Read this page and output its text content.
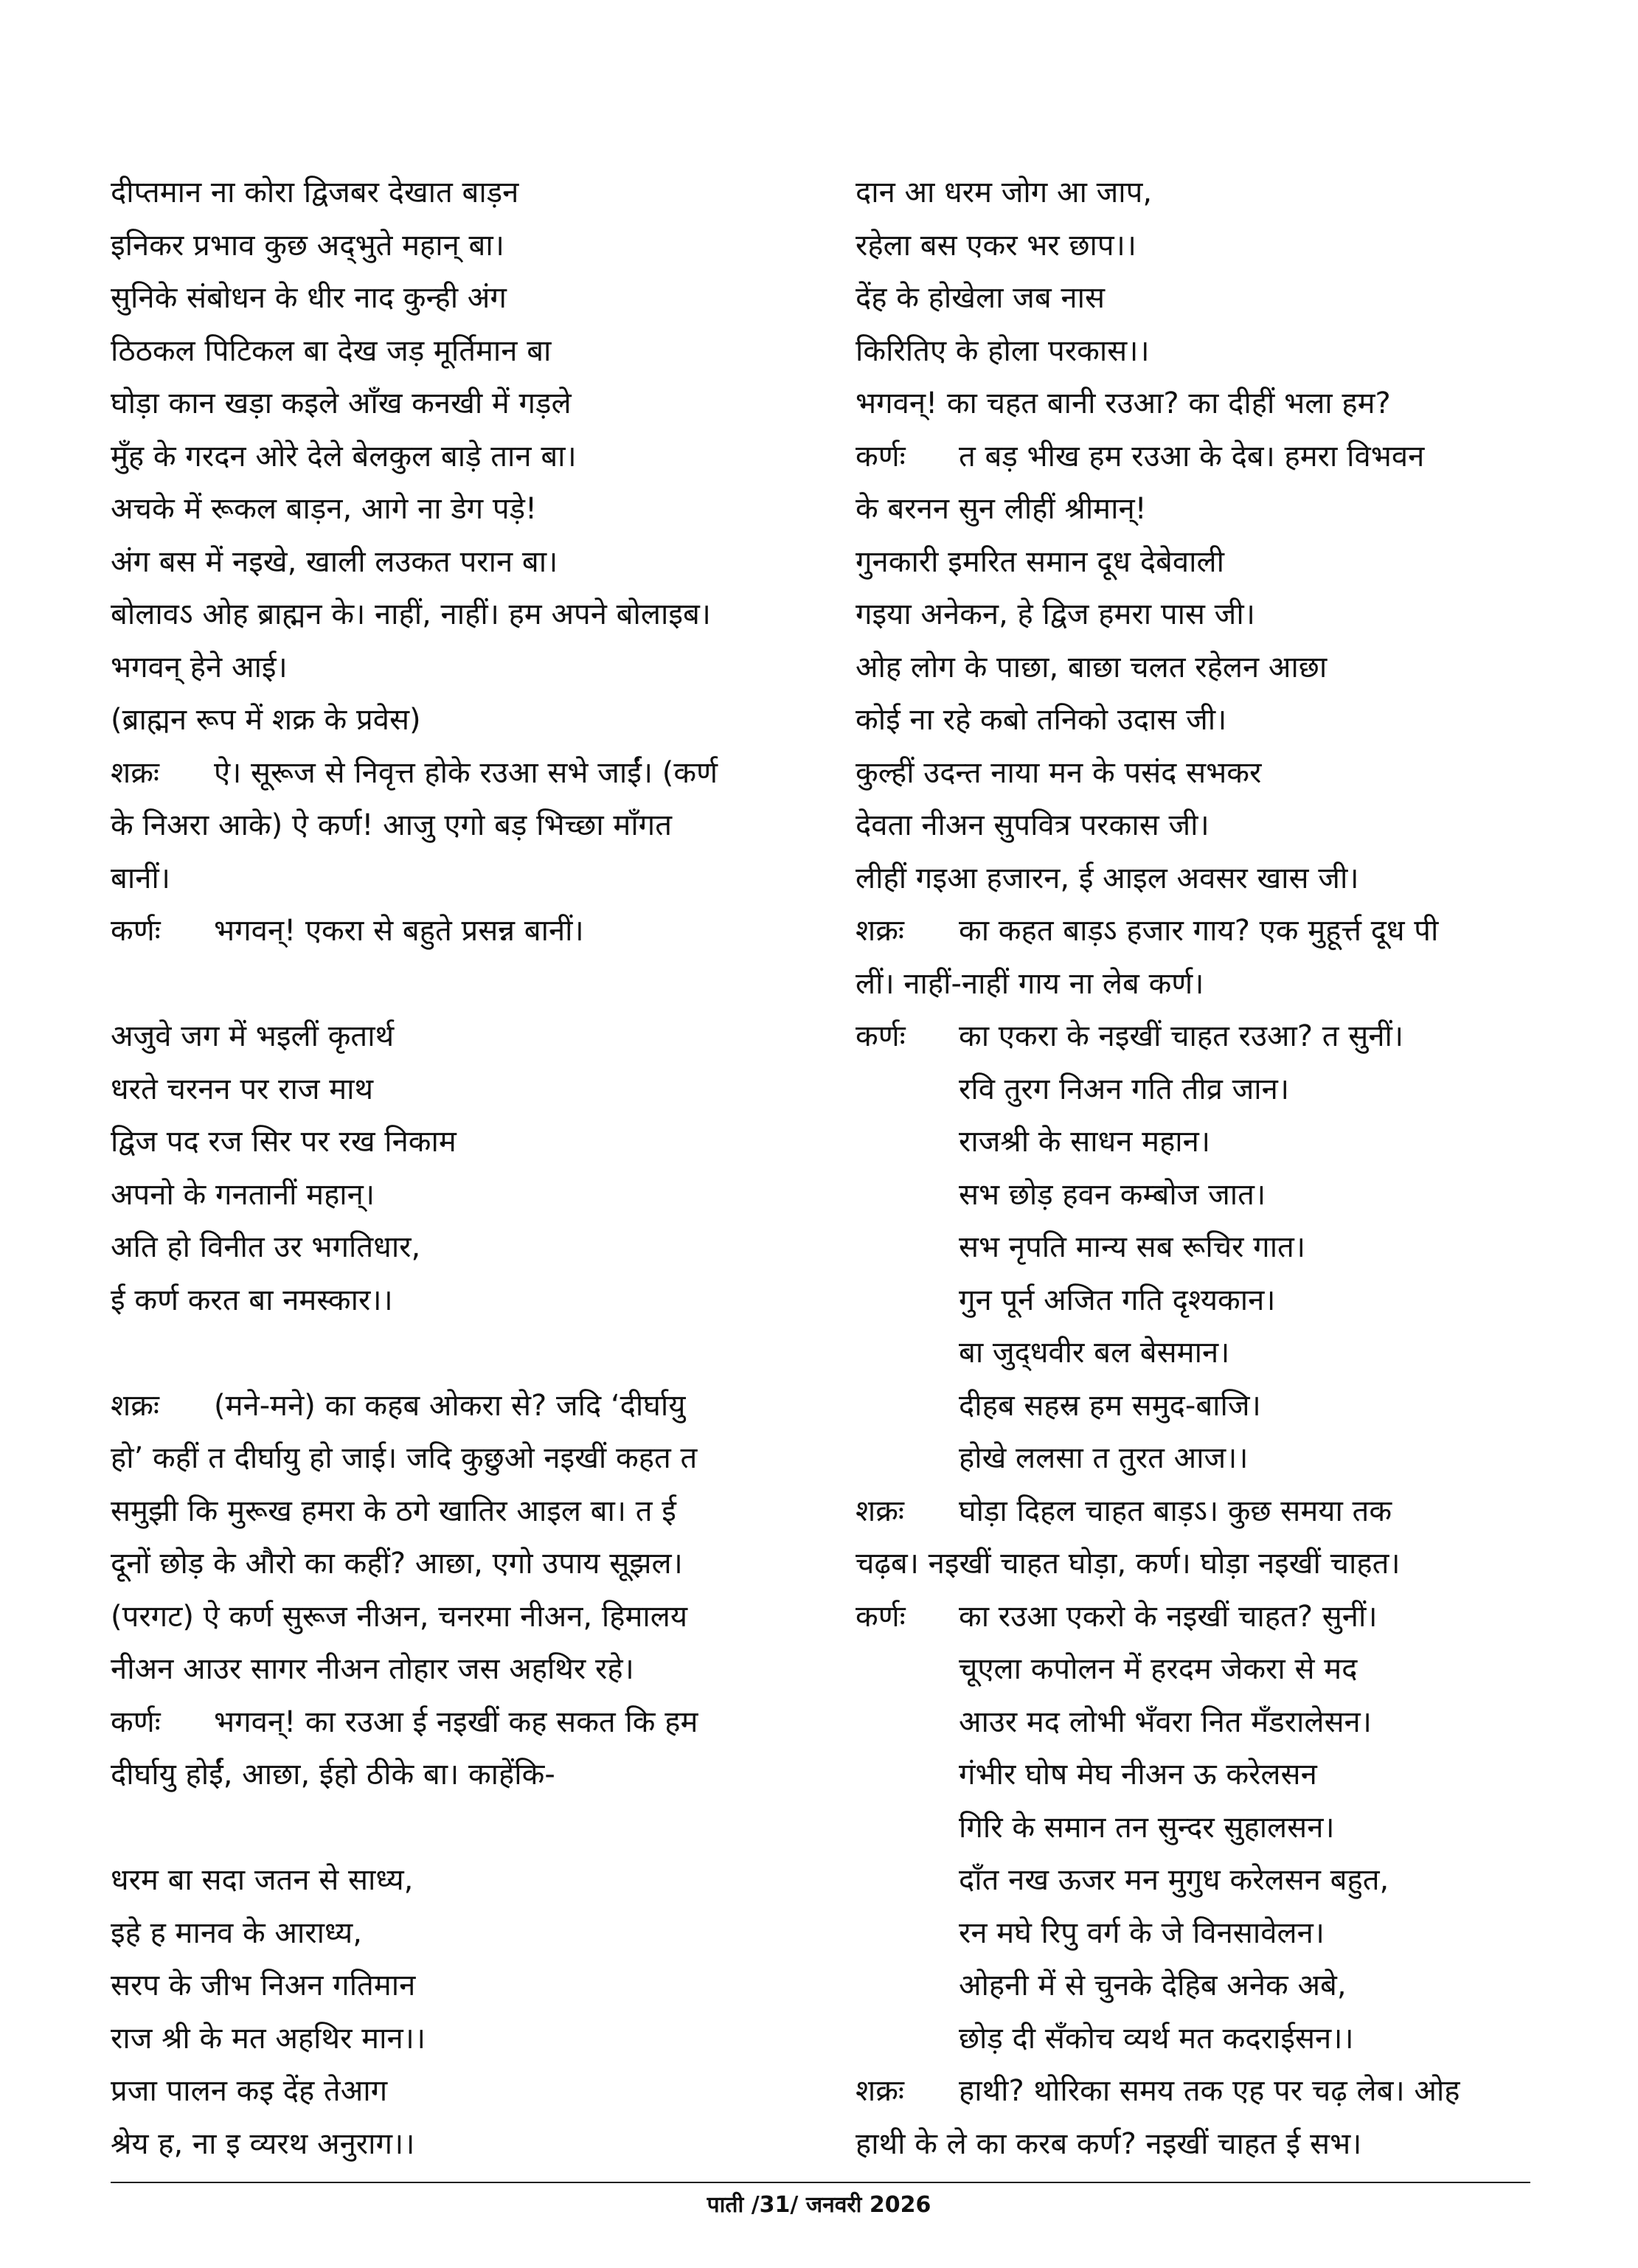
दीप्तमान ना कोरा द्विजबर देखात बाड़न
इनिकर प्रभाव कुछ अद्‌भुते महान्‌ बा।
सुनिके संबोधन के धीर नाद कुन्ही अंग
ठिठकल पिटिकल बा देख जड़ मूर्तिमान बा
घोड़ा कान खड़ा कइले आँख कनखी में गड़ले
मुँह के गरदन ओरे देले बेलकुल बाड़े तान बा।
अचके में रूकल बाड़न, आगे ना डेग पड़े!
अंग बस में नइखे, खाली लउकत परान बा।
बोलावऽ ओह ब्राह्मन के। नाहीं, नाहीं। हम अपने बोलाइब।
भगवन्‌ हेने आई।
(ब्राह्मन रूप में शक्र के प्रवेस)
शक्रः ऐ। सूरूज से निवृत्त होके रउआ सभे जाईं। (कर्ण
के निअरा आके) ऐ कर्ण! आजु एगो बड़ भिच्छा माँगत
बानीं।
कर्णः भगवन्‌! एकरा से बहुते प्रसन्न बानीं।
अजुवे जग में भइलीं कृतार्थ
धरते चरनन पर राज माथ
द्विज पद रज सिर पर रख निकाम
अपनो के गनतानीं महान्‌।
अति हो विनीत उर भगतिधार,
ई कर्ण करत बा नमस्कार।।
शक्रः (मने-मने) का कहब ओकरा से? जदि ‘दीर्घायु
हो’ कहीं त दीर्घायु हो जाई। जदि कुछुओ नइखीं कहत त
समुझी कि मुरूख हमरा के ठगे खातिर आइल बा। त ई
दूनों छोड़ के औरो का कहीं? आछा, एगो उपाय सूझल।
(परगट) ऐ कर्ण सुरूज नीअन, चनरमा नीअन, हिमालय
नीअन आउर सागर नीअन तोहार जस अहथिर रहे।
कर्णः भगवन्‌! का रउआ ई नइखीं कह सकत कि हम
दीर्घायु होईं, आछा, ईहो ठीके बा। काहेंकि-
धरम बा सदा जतन से साध्य,
इहे ह मानव के आराध्य,
सरप के जीभ निअन गतिमान
राज श्री के मत अहथिर मान।।
प्रजा पालन कइ देंह तेआग
श्रेय ह, ना इ व्यरथ अनुराग।।
दान आ धरम जोग आ जाप,
रहेला बस एकर भर छाप।।
देंह के होखेला जब नास
किरितिए के होला परकास।।
भगवन्‌! का चहत बानी रउआ? का दीहीं भला हम?
कर्णः त बड़ भीख हम रउआ के देब। हमरा विभवन
के बरनन सुन लीहीं श्रीमान्‌!
गुनकारी इमरित समान दूध देबेवाली
गइया अनेकन, हे द्विज हमरा पास जी।
ओह लोग के पाछा, बाछा चलत रहेलन आछा
कोई ना रहे कबो तनिको उदास जी।
कुल्हीं उदन्त नाया मन के पसंद सभकर
देवता नीअन सुपवित्र परकास जी।
लीहीं गइआ हजारन, ई आइल अवसर खास जी।
शक्रः का कहत बाड़ऽ हजार गाय? एक मुहूर्त्त दूध पी
लीं। नाहीं-नाहीं गाय ना लेब कर्ण।
कर्णः का एकरा के नइखीं चाहत रउआ? त सुनीं।
रवि तुरग निअन गति तीव्र जान।
राजश्री के साधन महान।
सभ छोड़ हवन कम्बोज जात।
सभ नृपति मान्य सब रूचिर गात।
गुन पूर्न अजित गति दृश्यकान।
बा जुद्‌धवीर बल बेसमान।
दीहब सहस्र हम समुद-बाजि।
होखे ललसा त तुरत आज।।
शक्रः घोड़ा दिहल चाहत बाड़ऽ। कुछ समया तक
चढ़ब। नइखीं चाहत घोड़ा, कर्ण। घोड़ा नइखीं चाहत।
कर्णः का रउआ एकरो के नइखीं चाहत? सुनीं।
चूएला कपोलन में हरदम जेकरा से मद
आउर मद लोभी भँवरा नित मँडरालेसन।
गंभीर घोष मेघ नीअन ऊ करेलसन
गिरि के समान तन सुन्दर सुहालसन।
दाँत नख ऊजर मन मुगुध करेलसन बहुत,
रन मघे रिपु वर्ग के जे विनसावेलन।
ओहनी में से चुनके देहिब अनेक अबे,
छोड़ दी सँकोच व्यर्थ मत कदराईसन।।
शक्रः हाथी? थोरिका समय तक एह पर चढ़ लेब। ओह
हाथी के ले का करब कर्ण? नइखीं चाहत ई सभ।
पाती /31/ जनवरी 2026
